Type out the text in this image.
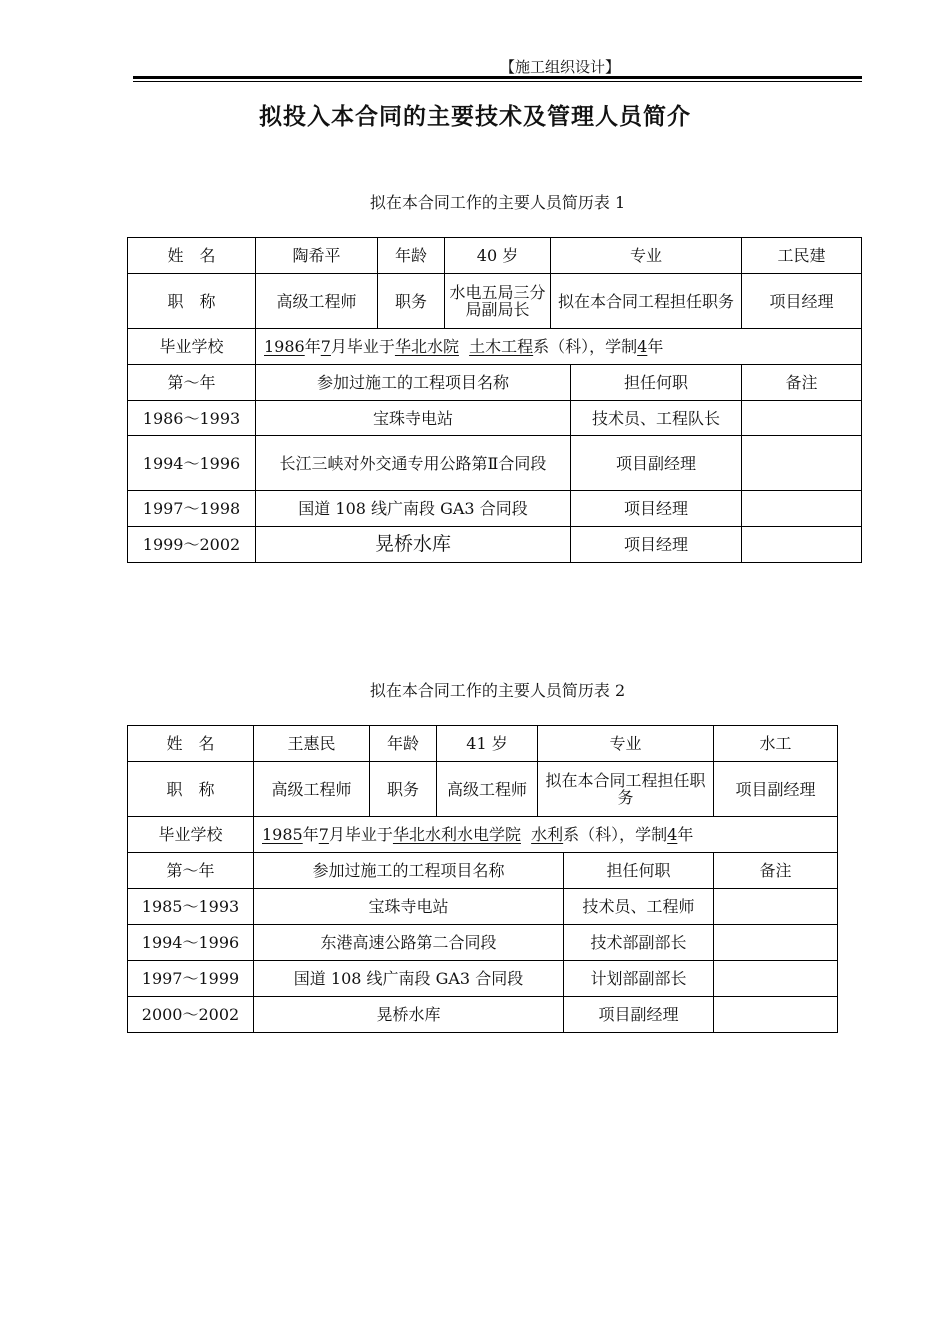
【施工组织设计】
拟投入本合同的主要技术及管理人员简介
拟在本合同工作的主要人员简历表 1
姓　名	陶希平	年龄	40 岁	专业		工民建
职　称	高级工程师	职务	水电五局三分局副局长	拟在本合同工程担任职务		项目经理
毕业学校	1986年7月毕业于华北水院 土木工程系（科），学制4年					
第～年	参加过施工的工程项目名称				担任何职	备注
1986～1993	宝珠寺电站				技术员、工程队长	
1994～1996	长江三峡对外交通专用公路第Ⅱ合同段				项目副经理	
1997～1998	国道 108 线广南段 GA3 合同段				项目经理	
1999～2002	晃桥水库				项目经理	
拟在本合同工作的主要人员简历表 2
姓　名	王惠民	年龄	41 岁	专业		水工
职　称	高级工程师	职务	高级工程师	拟在本合同工程担任职务		项目副经理
毕业学校	1985年7月毕业于华北水利水电学院 水利系（科），学制4年					
第～年	参加过施工的工程项目名称				担任何职	备注
1985～1993	宝珠寺电站				技术员、工程师	
1994～1996	东港高速公路第二合同段				技术部副部长	
1997～1999	国道 108 线广南段 GA3 合同段				计划部副部长	
2000～2002	晃桥水库				项目副经理	
